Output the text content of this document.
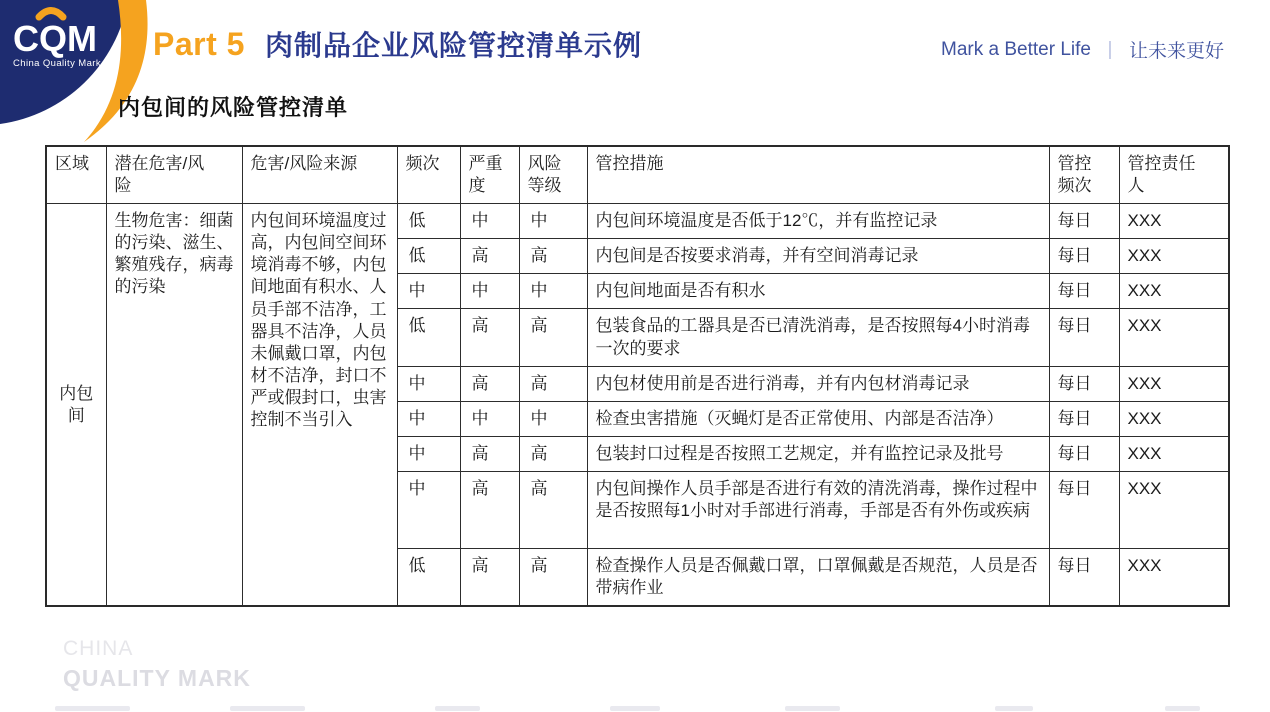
CQM
China Quality Mark
Part 5 肉制品企业风险管控清单示例	Mark a Better Life ｜ 让未来更好
内包间的风险管控清单
区域	潜在危害/风险	危害/风险来源	频次	严重度	风险等级	管控措施	管控频次	管控责任人
内包间	生物危害：细菌的污染、滋生、繁殖残存，病毒的污染	内包间环境温度过高，内包间空间环境消毒不够，内包间地面有积水、人员手部不洁净，工器具不洁净，人员未佩戴口罩，内包材不洁净，封口不严或假封口，虫害控制不当引入	低	中	中	内包间环境温度是否低于12℃，并有监控记录	每日	XXX
			低	高	高	内包间是否按要求消毒，并有空间消毒记录	每日	XXX
			中	中	中	内包间地面是否有积水	每日	XXX
			低	高	高	包装食品的工器具是否已清洗消毒，是否按照每4小时消毒一次的要求	每日	XXX
			中	高	高	内包材使用前是否进行消毒，并有内包材消毒记录	每日	XXX
			中	中	中	检查虫害措施（灭蝇灯是否正常使用、内部是否洁净）	每日	XXX
			中	高	高	包装封口过程是否按照工艺规定，并有监控记录及批号	每日	XXX
			中	高	高	内包间操作人员手部是否进行有效的清洗消毒，操作过程中是否按照每1小时对手部进行消毒，手部是否有外伤或疾病	每日	XXX
			低	高	高	检查操作人员是否佩戴口罩，口罩佩戴是否规范，人员是否带病作业	每日	XXX
CHINA
QUALITY MARK
